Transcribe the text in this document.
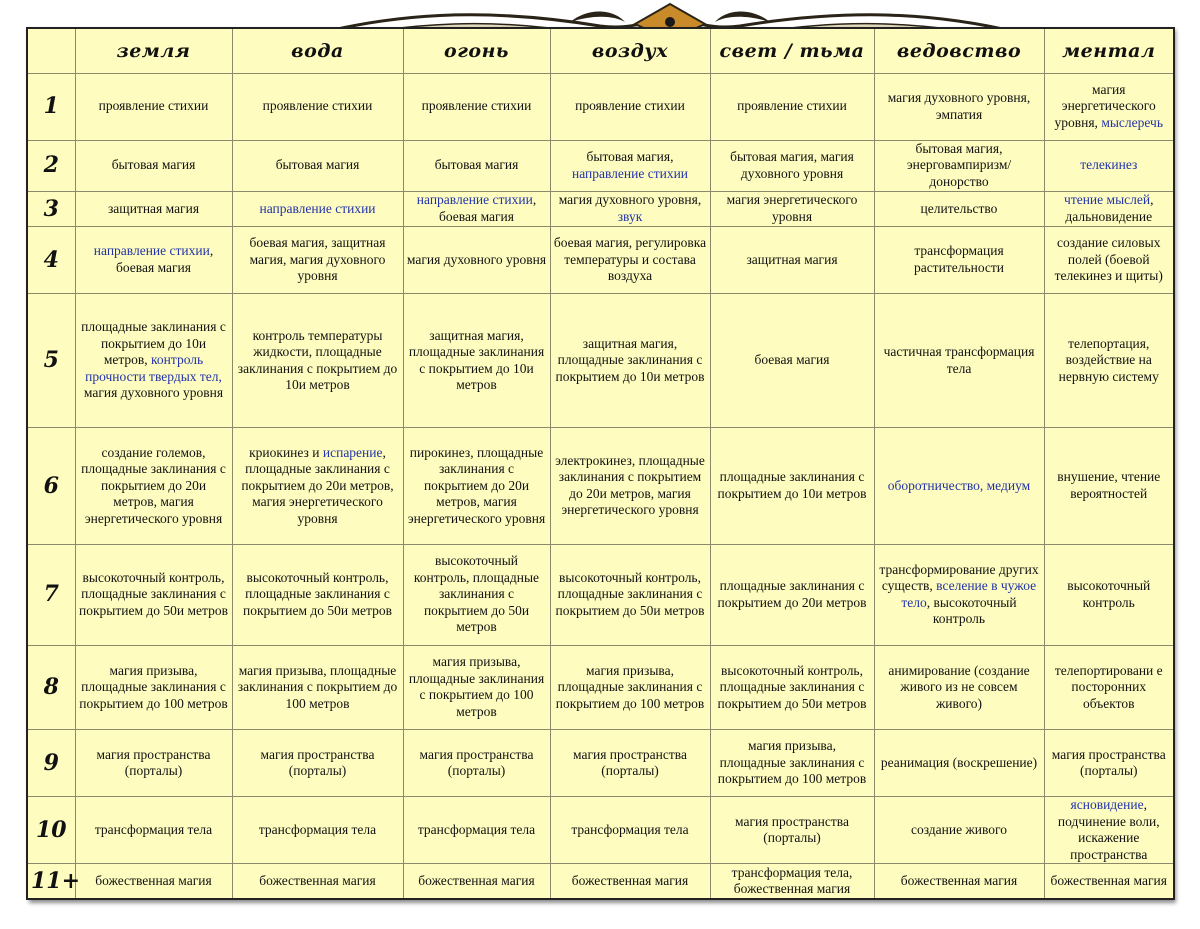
	земля	вода	огонь	воздух	свет / тьма	ведовство	ментал
1	проявление стихии	проявление стихии	проявление стихии	проявление стихии	проявление стихии	магия духовного уровня, эмпатия	магия энергетического уровня, мыслеречь
2	бытовая магия	бытовая магия	бытовая магия	бытовая магия, направление стихии	бытовая магия, магия духовного уровня	бытовая магия, энерговампиризм/ донорство	телекинез
3	защитная магия	направление стихии	направление стихии, боевая магия	магия духовного уровня, звук	магия энергетического уровня	целительство	чтение мыслей, дальновидение
4	направление стихии, боевая магия	боевая магия, защитная магия, магия духовного уровня	магия духовного уровня	боевая магия, регулировка температуры и состава воздуха	защитная магия	трансформация растительности	создание силовых полей (боевой телекинез и щиты)
5	площадные заклинания с покрытием до 10и метров, контроль прочности твердых тел, магия духовного уровня	контроль температуры жидкости, площадные заклинания с покрытием до 10и метров	защитная магия, площадные заклинания с покрытием до 10и метров	защитная магия, площадные заклинания с покрытием до 10и метров	боевая магия	частичная трансформация тела	телепортация, воздействие на нервную систему
6	создание големов, площадные заклинания с покрытием до 20и метров, магия энергетического уровня	криокинез и испарение, площадные заклинания с покрытием до 20и метров, магия энергетического уровня	пирокинез, площадные заклинания с покрытием до 20и метров, магия энергетического уровня	электрокинез, площадные заклинания с покрытием до 20и метров, магия энергетического уровня	площадные заклинания с покрытием до 10и метров	оборотничество, медиум	внушение, чтение вероятностей
7	высокоточный контроль, площадные заклинания с покрытием до 50и метров	высокоточный контроль, площадные заклинания с покрытием до 50и метров	высокоточный контроль, площадные заклинания с покрытием до 50и метров	высокоточный контроль, площадные заклинания с покрытием до 50и метров	площадные заклинания с покрытием до 20и метров	трансформирование других существ, вселение в чужое тело, высокоточный контроль	высокоточный контроль
8	магия призыва, площадные заклинания с покрытием до 100 метров	магия призыва, площадные заклинания с покрытием до 100 метров	магия призыва, площадные заклинания с покрытием до 100 метров	магия призыва, площадные заклинания с покрытием до 100 метров	высокоточный контроль, площадные заклинания с покрытием до 50и метров	анимирование (создание живого из не совсем живого)	телепортировани е посторонних объектов
9	магия пространства (порталы)	магия пространства (порталы)	магия пространства (порталы)	магия пространства (порталы)	магия призыва, площадные заклинания с покрытием до 100 метров	реанимация (воскрешение)	магия пространства (порталы)
10	трансформация тела	трансформация тела	трансформация тела	трансформация тела	магия пространства (порталы)	создание живого	ясновидение, подчинение воли, искажение пространства
11+	божественная магия	божественная магия	божественная магия	божественная магия	трансформация тела, божественная магия	божественная магия	божественная магия
